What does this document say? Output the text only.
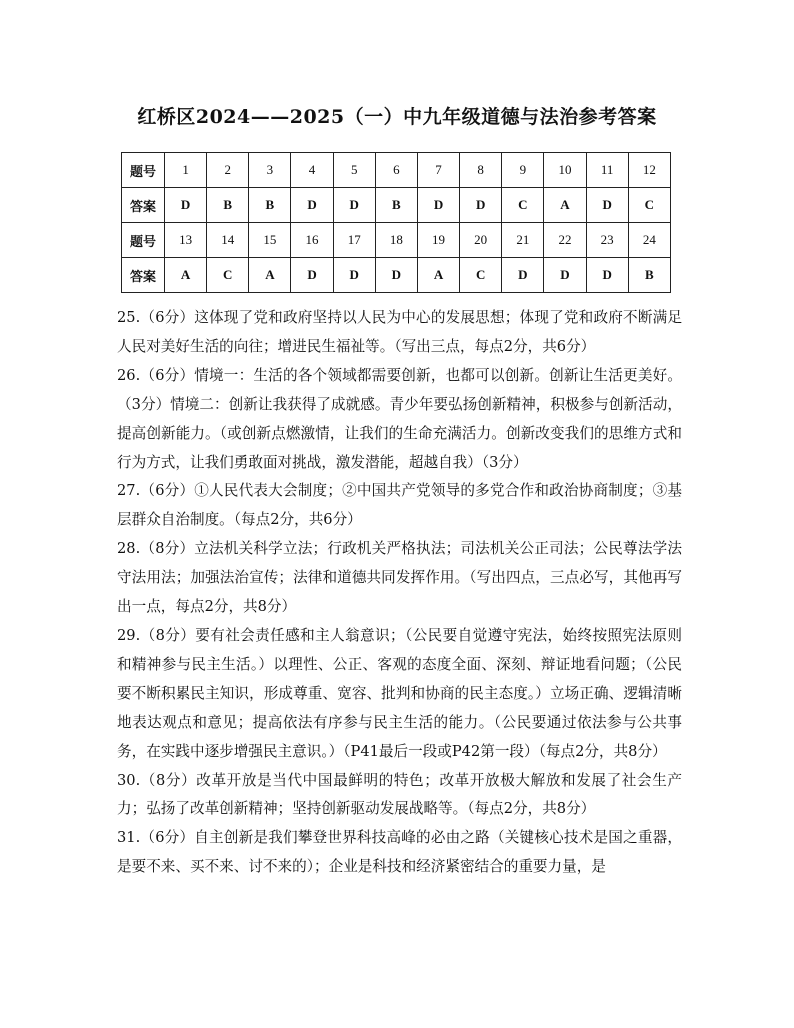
红桥区2024——2025（一）中九年级道德与法治参考答案
题号	1	2	3	4	5	6	7	8	9	10	11	12
答案	D	B	B	D	D	B	D	D	C	A	D	C
题号	13	14	15	16	17	18	19	20	21	22	23	24
答案	A	C	A	D	D	D	A	C	D	D	D	B
25.（6分）这体现了党和政府坚持以人民为中心的发展思想；体现了党和政府不断满足人民对美好生活的向往；增进民生福祉等。（写出三点，每点2分，共6分）
26.（6分）情境一：生活的各个领域都需要创新，也都可以创新。创新让生活更美好。（3分）情境二：创新让我获得了成就感。青少年要弘扬创新精神，积极参与创新活动，提高创新能力。（或创新点燃激情，让我们的生命充满活力。创新改变我们的思维方式和行为方式，让我们勇敢面对挑战，激发潜能，超越自我）（3分）
27.（6分）①人民代表大会制度；②中国共产党领导的多党合作和政治协商制度；③基层群众自治制度。（每点2分，共6分）
28.（8分）立法机关科学立法；行政机关严格执法；司法机关公正司法；公民尊法学法守法用法；加强法治宣传；法律和道德共同发挥作用。（写出四点，三点必写，其他再写出一点，每点2分，共8分）
29.（8分）要有社会责任感和主人翁意识；（公民要自觉遵守宪法，始终按照宪法原则和精神参与民主生活。）以理性、公正、客观的态度全面、深刻、辩证地看问题；（公民要不断积累民主知识，形成尊重、宽容、批判和协商的民主态度。）立场正确、逻辑清晰地表达观点和意见；提高依法有序参与民主生活的能力。（公民要通过依法参与公共事务，在实践中逐步增强民主意识。）（P41最后一段或P42第一段）（每点2分，共8分）
30.（8分）改革开放是当代中国最鲜明的特色；改革开放极大解放和发展了社会生产力；弘扬了改革创新精神；坚持创新驱动发展战略等。（每点2分，共8分）
31.（6分）自主创新是我们攀登世界科技高峰的必由之路（关键核心技术是国之重器，是要不来、买不来、讨不来的）；企业是科技和经济紧密结合的重要力量，是
